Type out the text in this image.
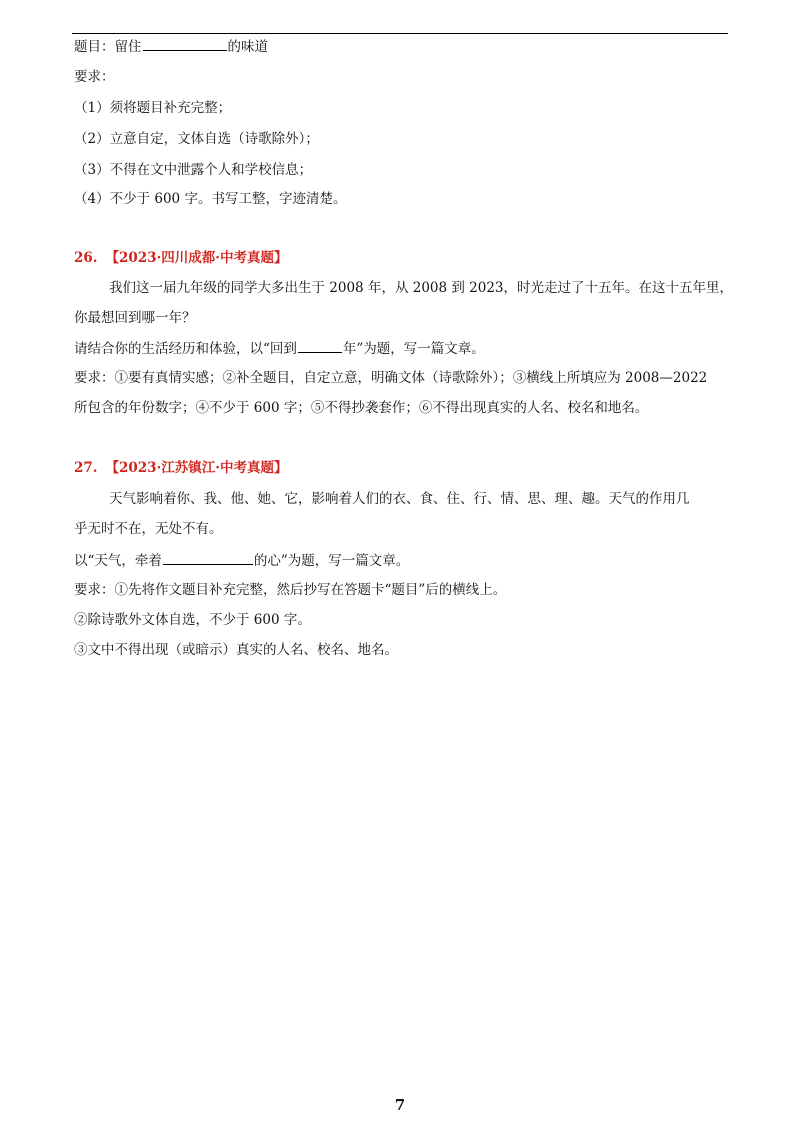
题目：留住	的味道
要求：
（1）须将题目补充完整；
（2）立意自定，文体自选（诗歌除外）；
（3）不得在文中泄露个人和学校信息；
（4）不少于 600 字。书写工整，字迹清楚。
26. 【2023·四川成都·中考真题】
我们这一届九年级的同学大多出生于 2008 年，从 2008 到 2023，时光走过了十五年。在这十五年里，
你最想回到哪一年？
请结合你的生活经历和体验，以“回到	年”为题，写一篇文章。
要求：①要有真情实感；②补全题目，自定立意，明确文体（诗歌除外）；③横线上所填应为 2008—2022
所包含的年份数字；④不少于 600 字；⑤不得抄袭套作；⑥不得出现真实的人名、校名和地名。
27. 【2023·江苏镇江·中考真题】
天气影响着你、我、他、她、它，影响着人们的衣、食、住、行、情、思、理、趣。天气的作用几
乎无时不在，无处不有。
以“天气，牵着	的心”为题，写一篇文章。
要求：①先将作文题目补充完整，然后抄写在答题卡“题目”后的横线上。
②除诗歌外文体自选，不少于 600 字。
③文中不得出现（或暗示）真实的人名、校名、地名。
7
